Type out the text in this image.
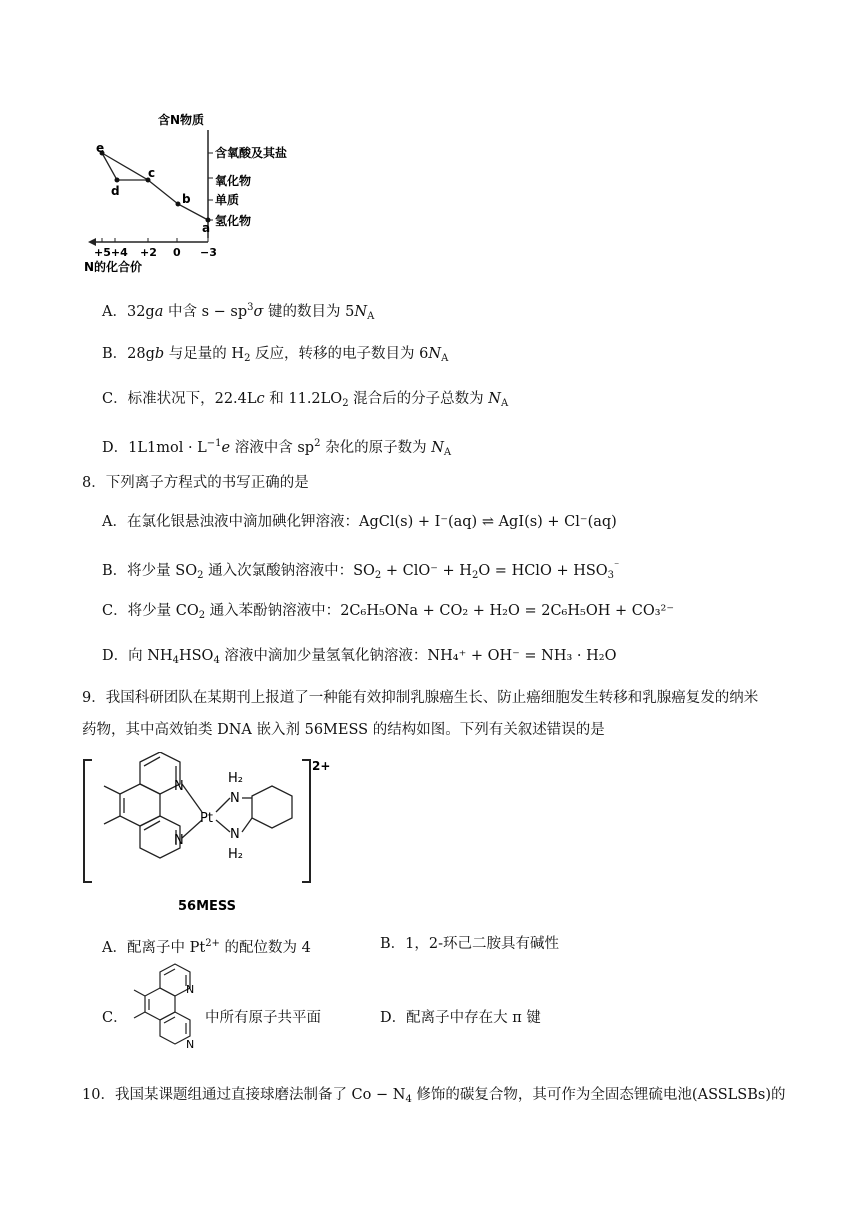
含N物质
含氧酸及其盐
氧化物
单质
氢化物
+5+4 +2 0 −3
N的化合价
e
d
c
b
a
A．32ga 中含 $s - sp^3\sigma$ 键的数目为 $5N_A$
B．28gb 与足量的 $H_2$ 反应，转移的电子数目为 $6N_A$
C．标准状况下，22.4Lc 和 $11.2LO_2$ 混合后的分子总数为 $N_A$
D．$1L1mol \cdot L^{-1}e$ 溶液中含 $sp^2$ 杂化的原子数为 $N_A$
8．下列离子方程式的书写正确的是
A．在氯化银悬浊液中滴加碘化钾溶液：AgCl(s) + I⁻(aq) ⇌ AgI(s) + Cl⁻(aq)
B．将少量 $SO_2$ 通入次氯酸钠溶液中：$SO_2 + ClO^- + H_2O$ = HClO + $HSO_3^{^-}$
C．将少量 $CO_2$ 通入苯酚钠溶液中：2C₆H₅ONa + CO₂ + H₂O = 2C₆H₅OH + CO₃²⁻
D．向 $NH_4HSO_4$ 溶液中滴加少量氢氧化钠溶液：NH₄⁺ + OH⁻ = NH₃ · H₂O
9．我国科研团队在某期刊上报道了一种能有效抑制乳腺癌生长、防止癌细胞发生转移和乳腺癌复发的纳米
药物，其中高效铂类 DNA 嵌入剂 56MESS 的结构如图。下列有关叙述错误的是
2+
N
N
Pt
N
N
H₂
H₂
56MESS
A．配离子中 $Pt^{2+}$ 的配位数为 4	B．1，2-环己二胺具有碱性
C．
N
N
中所有原子共平面	D．配离子中存在大 π 键
10．我国某课题组通过直接球磨法制备了 $Co - N_4$ 修饰的碳复合物，其可作为全固态锂硫电池(ASSLSBs)的
